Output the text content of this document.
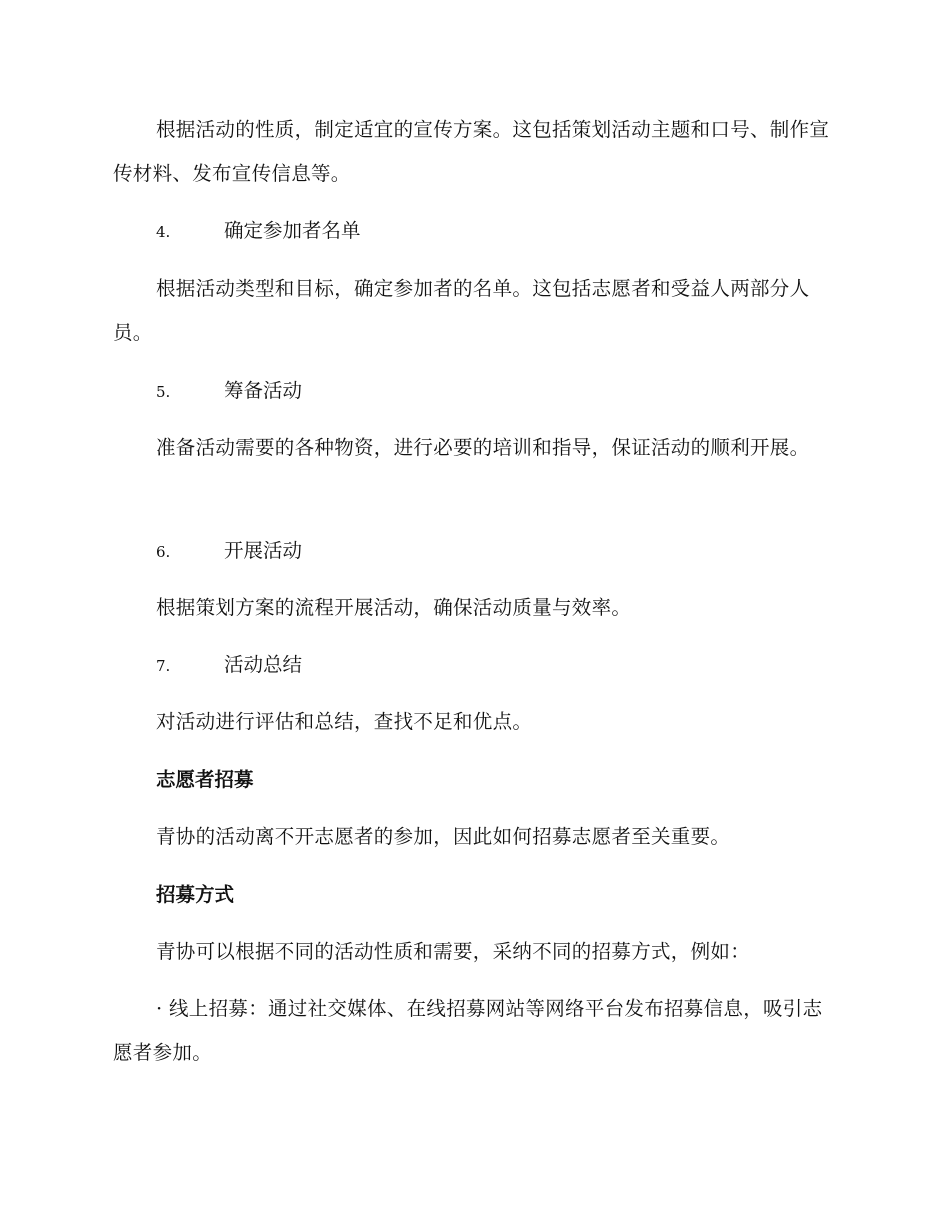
根据活动的性质，制定适宜的宣传方案。这包括策划活动主题和口号、制作宣传材料、发布宣传信息等。

4.	确定参加者名单

根据活动类型和目标，确定参加者的名单。这包括志愿者和受益人两部分人员。

5.	筹备活动

准备活动需要的各种物资，进行必要的培训和指导，保证活动的顺利开展。

6.	开展活动

根据策划方案的流程开展活动，确保活动质量与效率。

7.	活动总结

对活动进行评估和总结，查找不足和优点。

志愿者招募

青协的活动离不开志愿者的参加，因此如何招募志愿者至关重要。

招募方式

青协可以根据不同的活动性质和需要，采纳不同的招募方式，例如：

· 线上招募：通过社交媒体、在线招募网站等网络平台发布招募信息，吸引志愿者参加。
